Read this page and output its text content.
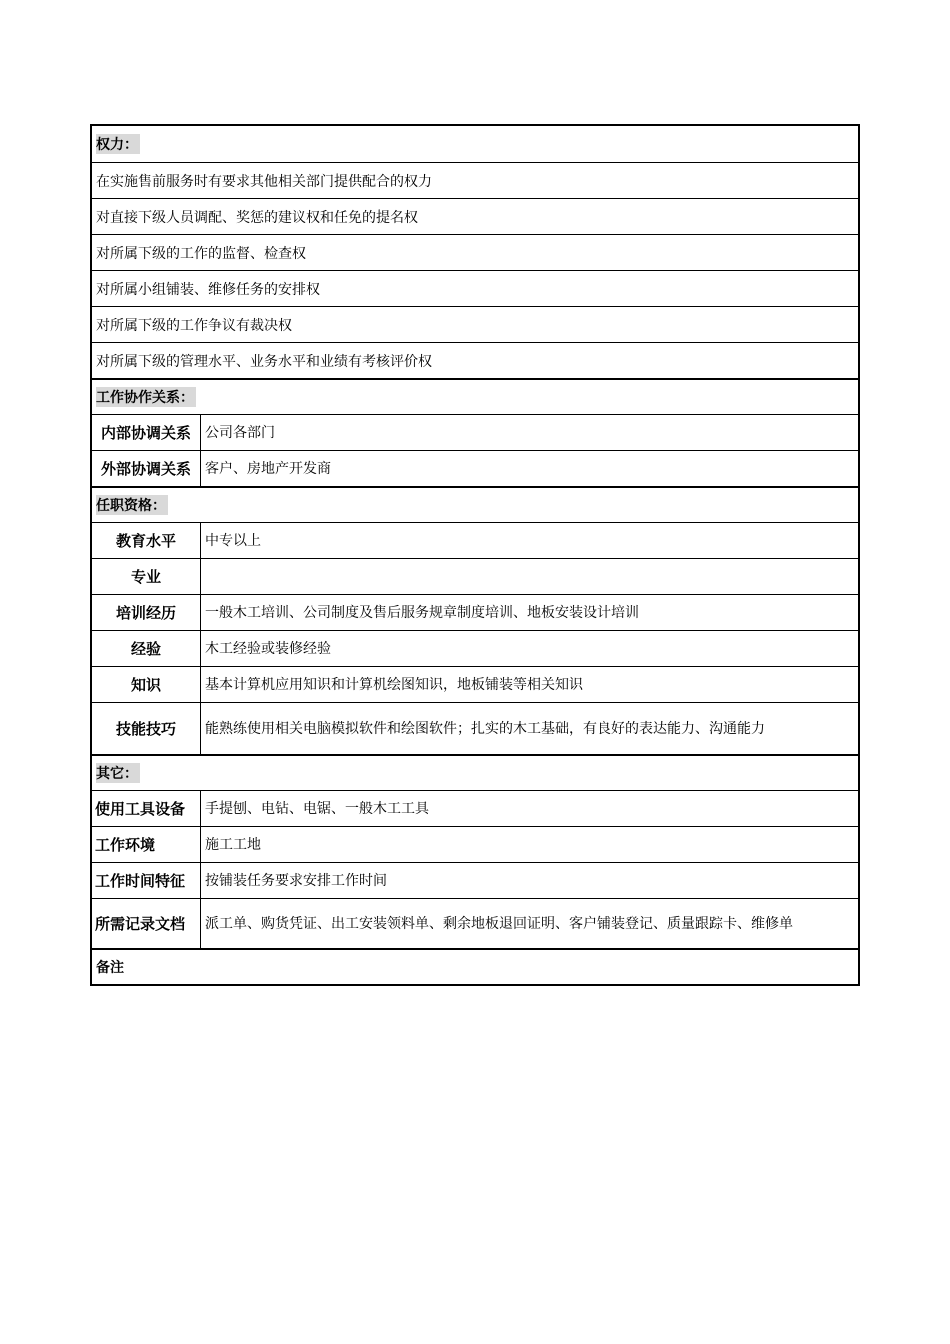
权力：
在实施售前服务时有要求其他相关部门提供配合的权力
对直接下级人员调配、奖惩的建议权和任免的提名权
对所属下级的工作的监督、检查权
对所属小组铺装、维修任务的安排权
对所属下级的工作争议有裁决权
对所属下级的管理水平、业务水平和业绩有考核评价权
工作协作关系：
内部协调关系	公司各部门
外部协调关系	客户、房地产开发商
任职资格：
教育水平	中专以上
专业
培训经历	一般木工培训、公司制度及售后服务规章制度培训、地板安装设计培训
经验	木工经验或装修经验
知识	基本计算机应用知识和计算机绘图知识，地板铺装等相关知识
技能技巧	能熟练使用相关电脑模拟软件和绘图软件；扎实的木工基础，有良好的表达能力、沟通能力
其它：
使用工具设备	手提刨、电钻、电锯、一般木工工具
工作环境	施工工地
工作时间特征	按铺装任务要求安排工作时间
所需记录文档	派工单、购货凭证、出工安装领料单、剩余地板退回证明、客户铺装登记、质量跟踪卡、维修单
备注
